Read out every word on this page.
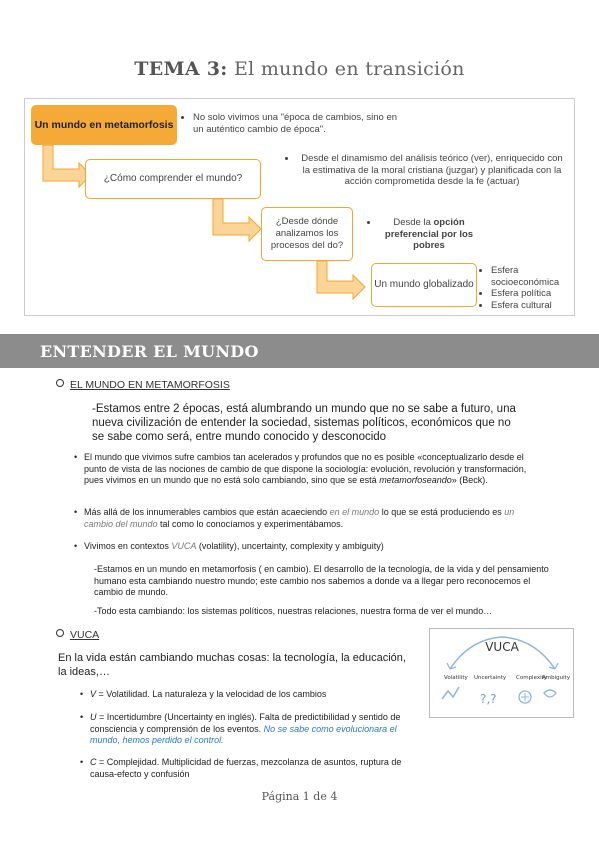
TEMA 3: El mundo en transición
Un mundo en metamorfosis
• No solo vivimos una "época de cambios, sino en un auténtico cambio de época".
¿Cómo comprender el mundo?
• Desde el dinamismo del análisis teórico (ver), enriquecido con la estimativa de la moral cristiana (juzgar) y planificada con la acción comprometida desde la fe (actuar)
¿Desde dónde analizamos los procesos del do?
• Desde la opción preferencial por los pobres
Un mundo globalizado
• Esfera socioeconómica
• Esfera política
• Esfera cultural
ENTENDER EL MUNDO
EL MUNDO EN METAMORFOSIS
-Estamos entre 2 épocas, está alumbrando un mundo que no se sabe a futuro, una nueva civilización de entender la sociedad, sistemas políticos, económicos que no se sabe como será, entre mundo conocido y desconocido
• El mundo que vivimos sufre cambios tan acelerados y profundos que no es posible «conceptualizarlo desde el punto de vista de las nociones de cambio de que dispone la sociología: evolución, revolución y transformación, pues vivimos en un mundo que no está solo cambiando, sino que se está metamorfoseando» (Beck).
• Más allá de los innumerables cambios que están acaeciendo en el mundo lo que se está produciendo es un cambio del mundo tal como lo conocíamos y experimentábamos.
• Vivimos en contextos VUCA (volatility), uncertainty, complexity y ambiguity)
-Estamos en un mundo en metamorfosis ( en cambio). El desarrollo de la tecnología, de la vida y del pensamiento humano esta cambiando nuestro mundo; este cambio nos sabemos a donde va a llegar pero reconocemos el cambio de mundo.
-Todo esta cambiando: los sistemas políticos, nuestras relaciones, nuestra forma de ver el mundo…
VUCA
En la vida están cambiando muchas cosas: la tecnología, la educación, la ideas,…
• V = Volatilidad. La naturaleza y la velocidad de los cambios
• U = Incertidumbre (Uncertainty en inglés). Falta de predictibilidad y sentido de consciencia y comprensión de los eventos. No se sabe como evolucionara el mundo, hemos perdido el control.
• C = Complejidad. Multiplicidad de fuerzas, mezcolanza de asuntos, ruptura de causa-efecto y confusión
VUCA
Volatility Uncertainty Complexity
Ambiguity
?‚?
Página 1 de 4
